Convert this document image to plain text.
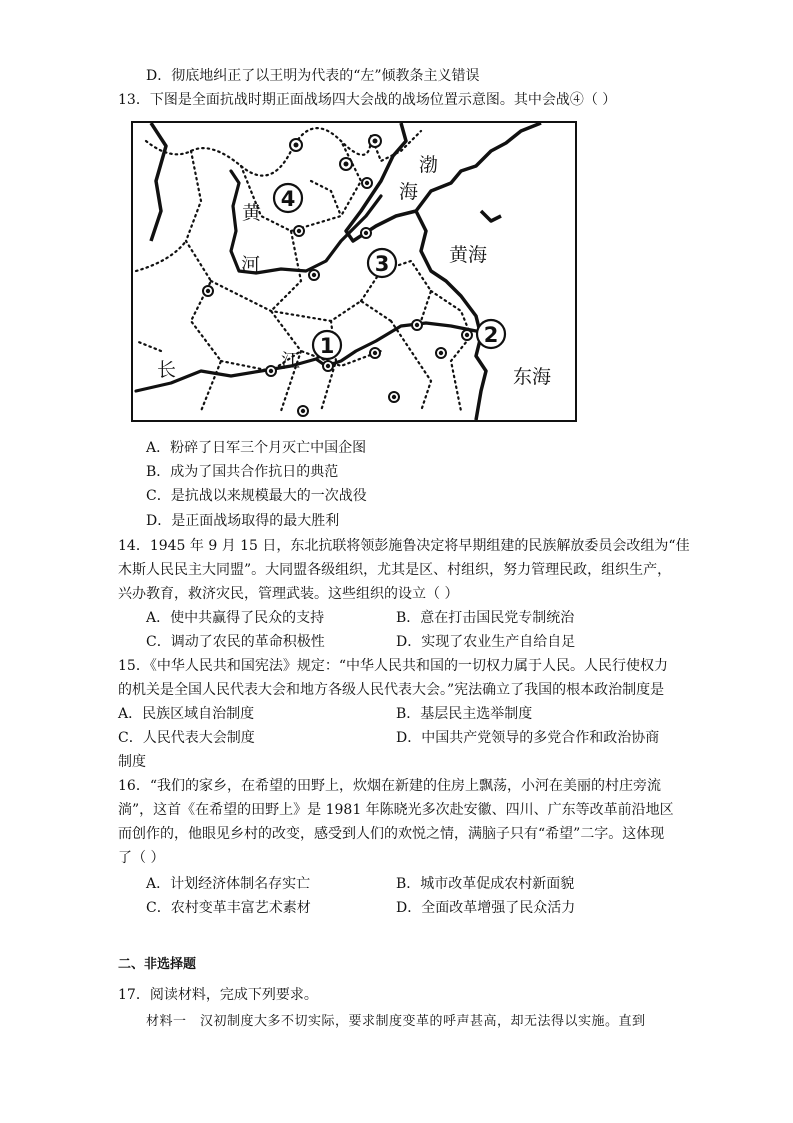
D．彻底地纠正了以王明为代表的“左”倾教条主义错误
13．下图是全面抗战时期正面战场四大会战的战场位置示意图。其中会战④（ ）
4
3
1	2
渤
海
黄海
东海
黄
河
长	江
A．粉碎了日军三个月灭亡中国企图
B．成为了国共合作抗日的典范
C．是抗战以来规模最大的一次战役
D．是正面战场取得的最大胜利
14．1945 年 9 月 15 日，东北抗联将领彭施鲁决定将早期组建的民族解放委员会改组为“佳
木斯人民民主大同盟”。大同盟各级组织，尤其是区、村组织，努力管理民政，组织生产，
兴办教育，救济灾民，管理武装。这些组织的设立（ ）
A．使中共赢得了民众的支持	B．意在打击国民党专制统治
C．调动了农民的革命积极性	D．实现了农业生产自给自足
15．《中华人民共和国宪法》规定：“中华人民共和国的一切权力属于人民。人民行使权力
的机关是全国人民代表大会和地方各级人民代表大会。”宪法确立了我国的根本政治制度是
A．民族区域自治制度	B．基层民主选举制度
C．人民代表大会制度	D．中国共产党领导的多党合作和政治协商
制度
16．“我们的家乡，在希望的田野上，炊烟在新建的住房上飘荡，小河在美丽的村庄旁流
淌”，这首《在希望的田野上》是 1981 年陈晓光多次赴安徽、四川、广东等改革前沿地区
而创作的，他眼见乡村的改变，感受到人们的欢悦之情，满脑子只有“希望”二字。这体现
了（ ）
A．计划经济体制名存实亡	B．城市改革促成农村新面貌
C．农村变革丰富艺术素材	D．全面改革增强了民众活力
二、非选择题
17．阅读材料，完成下列要求。
材料一　汉初制度大多不切实际，要求制度变革的呼声甚高，却无法得以实施。直到
